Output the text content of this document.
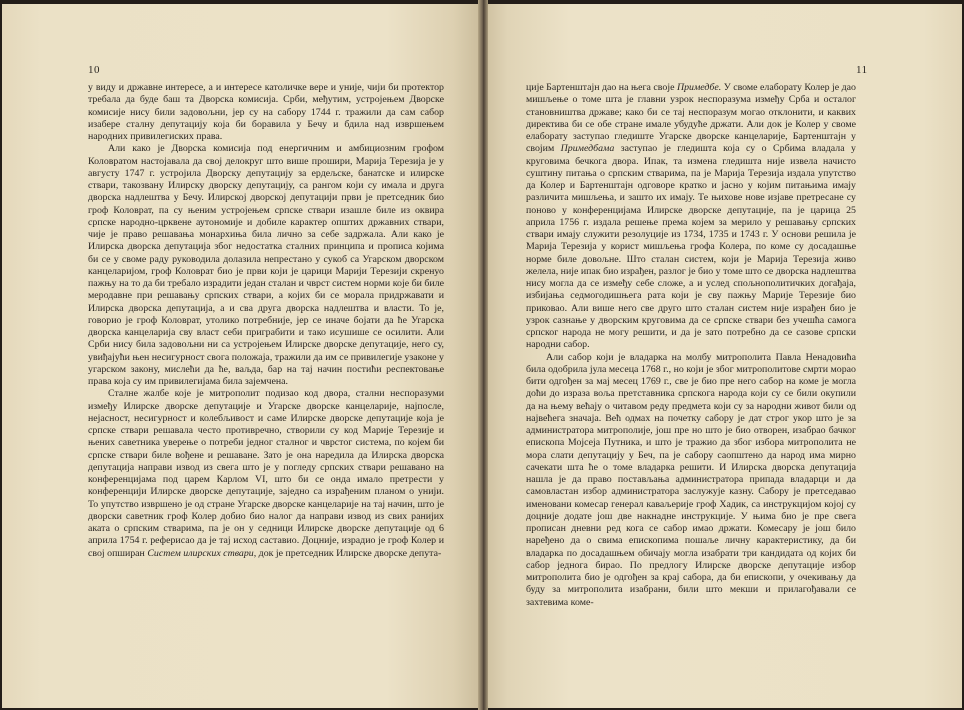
10

у виду и државне интересе, а и интересе католичке вере и уније, чији би протектор требала да буде баш та Дворска комисија. Срби, међутим, устројењем Дворске комисије нису били задовољни, јер су на сабору 1744 г. тражили да сам сабор изабере сталну депутацију која би боравила у Бечу и бдила над извршењем народних привилегиских права.

Али како је Дворска комисија под енергичним и амбициозним грофом Коловратом настојавала да свој делокруг што више прошири, Марија Терезија је у августу 1747 г. устројила Дворску депутацију за ердељске, банатске и илирске ствари, такозвану Илирску дворску депутацију, са рангом који су имала и друга дворска надлештва у Бечу. Илирској дворској депутацији први је претседник био гроф Коловрат, па су њеним устројењем српске ствари изашле биле из оквира српске народно-црквене аутономије и добиле карактер општих државних ствари, чије је право решавања монархиња била лично за себе задржала. Али како је Илирска дворска депутација због недостатка сталних принципа и прописа којима би се у своме раду руководила долазила непрестано у сукоб са Угарском дворском канцеларијом, гроф Коловрат био је први који је царици Марији Терезији скренуо пажњу на то да би требало израдити један сталан и чврст систем норми које би биле меродавне при решавању српских ствари, а којих би се морала придржавати и Илирска дворска депутација, а и сва друга дворска надлештва и власти. То је, говорио је гроф Коловрат, утолико потребније, јер се иначе бојати да ће Угарска дворска канцеларија сву власт себи приграбити и тако исушише се осилити. Али Срби нису била задовољни ни са устројењем Илирске дворске депутације, него су, увиђајући њен несигурност свога положаја, тражили да им се привилегије узаконе у угарском закону, мислећи да ће, ваљда, бар на тај начин постићи респектовање права која су им привилегијама била зајемчена.

Сталне жалбе које је митрополит подизао код двора, стални неспоразуми између Илирске дворске депутације и Угарске дворске канцеларије, најпосле, нејасност, несигурност и колебљивост и саме Илирске дворске депутације која је српске ствари решавала често противречно, створили су код Марије Терезије и њених саветника уверење о потреби једног сталног и чврстог система, по којем би српске ствари биле вођене и решаване. Зато је она наредила да Илирска дворска депутација направи извод из свега што је у погледу српских ствари решавано на конференцијама под царем Карлом VI, што би се онда имало претрести у конференцији Илирске дворске депутације, заједно са израђеним планом о унији. То упутство извршено је од стране Угарске дворске канцеларије на тај начин, што је дворски саветник гроф Колер добио био налог да направи извод из свих ранијих аката о српским стварима, па је он у седници Илирске дворске депутације од 6 априла 1754 г. реферисао да је тај исход саставио. Доцније, израдио је гроф Колер и свој опширан Систем илирских ствари, док је претседник Илирске дворске депута-

11

ције Бартенштајн дао на њега своје Примедбе. У своме елаборату Колер је дао мишљење о томе шта је главни узрок неспоразума између Срба и осталог становништва државе; како би се тај неспоразум могао отклонити, и каквих директива би се обе стране имале убудуће држати. Али док је Колер у своме елаборату заступао гледиште Угарске дворске канцеларије, Бартенштајн у својим Примедбама заступао је гледишта која су о Србима владала у круговима бечкога двора. Ипак, та измена гледишта није извела начисто суштину питања о српским стварима, па је Марија Терезија издала упутство да Колер и Бартенштајн одговоре кратко и јасно у којим питањима имају различита мишљења, и зашто их имају. Те њихове нове изјаве претресане су поново у конференцијама Илирске дворске депутације, па је царица 25 априла 1756 г. издала решење према којем за мерило у решавању српских ствари имају служити резолуције из 1734, 1735 и 1743 г. У основи решила је Марија Терезија у корист мишљења грофа Колера, по коме су досадашње норме биле довољне. Што сталан систем, који је Марија Терезија живо желела, није ипак био израђен, разлог је био у томе што се дворска надлештва нису могла да се између себе сложе, а и услед спољнополитичких догађаја, избијања седмогодишњега рата који је сву пажњу Марије Терезије био приковао. Али више него све друго што сталан систем није израђен био је узрок сазнање у дворским круговима да се српске ствари без учешћа самога српског народа не могу решити, и да је зато потребно да се сазове српски народни сабор.

Али сабор који је владарка на молбу митрополита Павла Ненадовића била одобрила јула месеца 1768 г., но који је због митрополитове смрти морао бити одгођен за мај месец 1769 г., све је био пре него сабор на коме је могла доћи до израза воља претставника српскога народа који су се били окупили да на њему већају о читавом реду предмета који су за народни живот били од највећега значаја. Већ одмах на почетку сабору је дат строг укор што је за администратора митрополије, још пре но што је био отворен, изабрао бачког епископа Мојсеја Путника, и што је тражио да због избора митрополита не мора слати депутацију у Беч, па је сабору саопштено да народ има мирно сачекати шта ће о томе владарка решити. И Илирска дворска депутација нашла је да право постављања администратора припада владарци и да самовластан избор администратора заслужује казну. Сабору је претседавао именовани комесар генерал каваљерије гроф Хадик, са инструкцијом којој су доцније додате још две накнадне инструкције. У њима био је пре свега прописан дневни ред кога се сабор имао држати. Комесару је још било наређено да о свима епископима пошаље личну карактеристику, да би владарка по досадашњем обичају могла изабрати три кандидата од којих би сабор једнога бирао. По предлогу Илирске дворске депутације избор митрополита био је одгођен за крај сабора, да би епископи, у очекивању да буду за митрополита изабрани, били што мекши и прилагођавали се захтевима коме-
